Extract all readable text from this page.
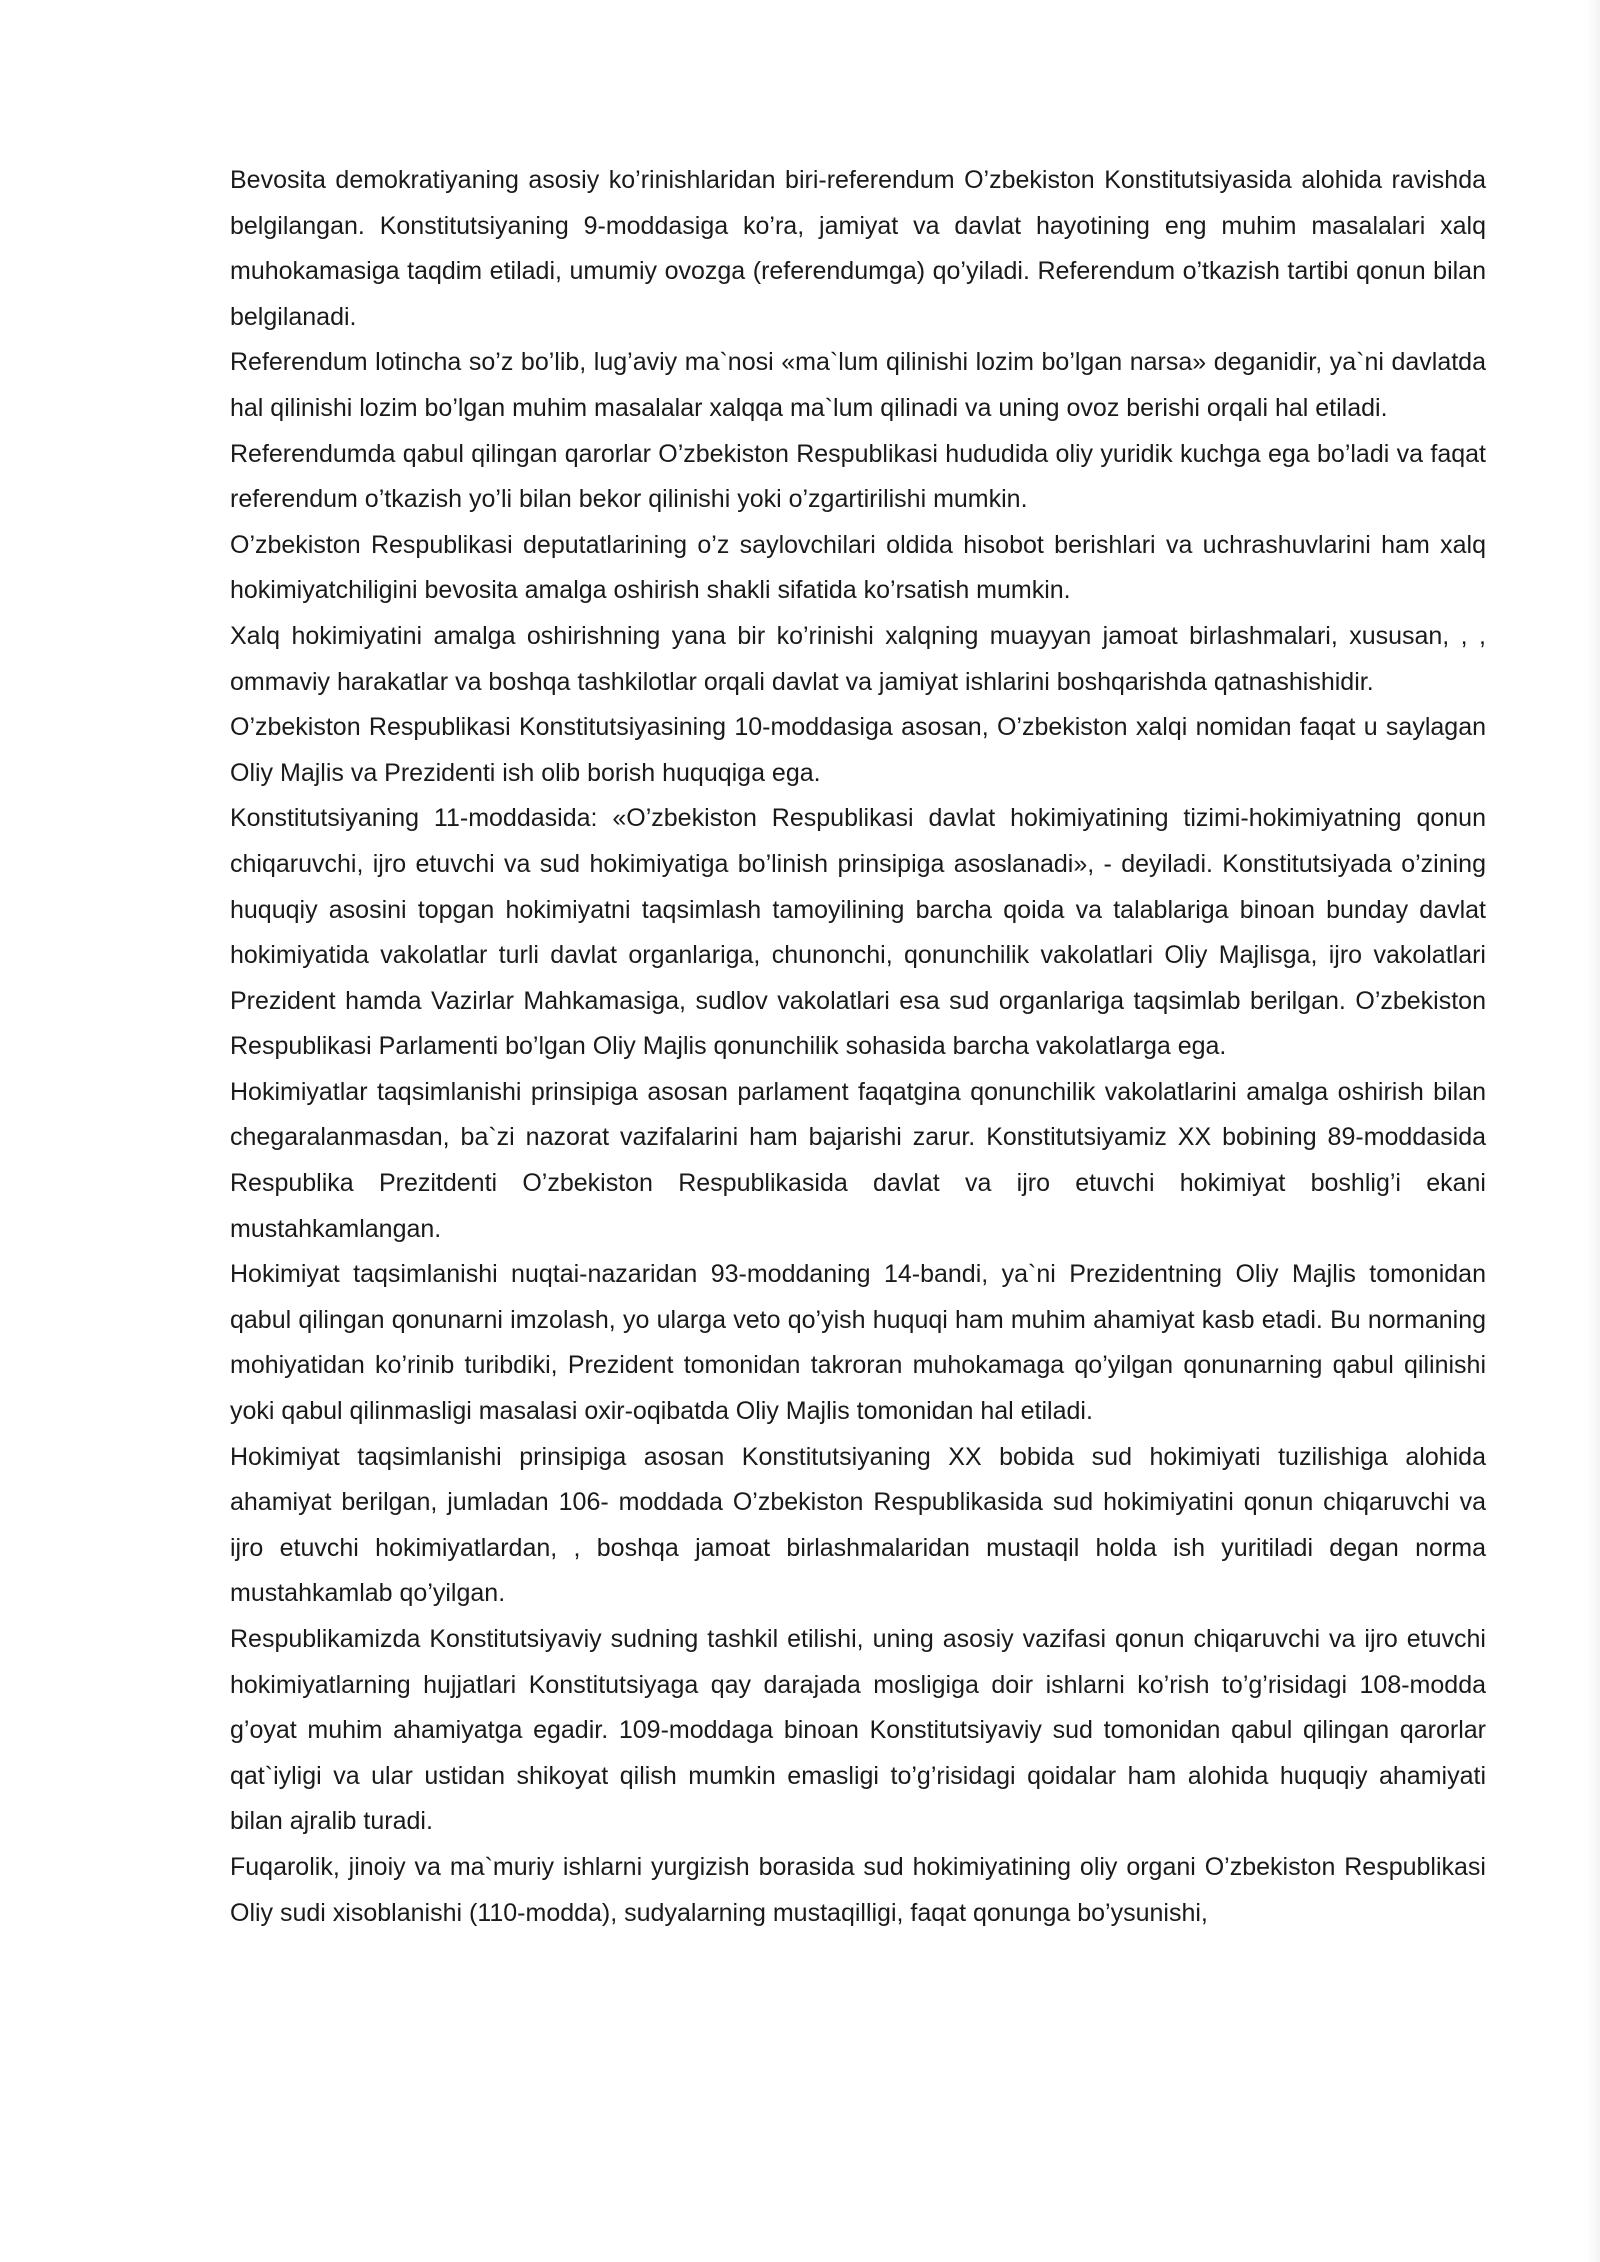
Bevosita demokratiyaning asosiy ko’rinishlaridan biri-referendum O’zbekiston Konstitutsiyasida alohida ravishda belgilangan. Konstitutsiyaning 9-moddasiga ko’ra, jamiyat va davlat hayotining eng muhim masalalari xalq muhokamasiga taqdim etiladi, umumiy ovozga (referendumga) qo’yiladi. Referendum o’tkazish tartibi qonun bilan belgilanadi.

Referendum lotincha so’z bo’lib, lug’aviy ma`nosi «ma`lum qilinishi lozim bo’lgan narsa» deganidir, ya`ni davlatda hal qilinishi lozim bo’lgan muhim masalalar xalqqa ma`lum qilinadi va uning ovoz berishi orqali hal etiladi.

Referendumda qabul qilingan qarorlar O’zbekiston Respublikasi hududida oliy yuridik kuchga ega bo’ladi va faqat referendum o’tkazish yo’li bilan bekor qilinishi yoki o’zgartirilishi mumkin.

O’zbekiston Respublikasi deputatlarining o’z saylovchilari oldida hisobot berishlari va uchrashuvlarini ham xalq hokimiyatchiligini bevosita amalga oshirish shakli sifatida ko’rsatish mumkin.

Xalq hokimiyatini amalga oshirishning yana bir ko’rinishi xalqning muayyan jamoat birlashmalari, xususan, , , ommaviy harakatlar va boshqa tashkilotlar orqali davlat va jamiyat ishlarini boshqarishda qatnashishidir.

O’zbekiston Respublikasi Konstitutsiyasining 10-moddasiga asosan, O’zbekiston xalqi nomidan faqat u saylagan Oliy Majlis va Prezidenti ish olib borish huquqiga ega.

Konstitutsiyaning 11-moddasida: «O’zbekiston Respublikasi davlat hokimiyatining tizimi-hokimiyatning qonun chiqaruvchi, ijro etuvchi va sud hokimiyatiga bo’linish prinsipiga asoslanadi», - deyiladi. Konstitutsiyada o’zining huquqiy asosini topgan hokimiyatni taqsimlash tamoyilining barcha qoida va talablariga binoan bunday davlat hokimiyatida vakolatlar turli davlat organlariga, chunonchi, qonunchilik vakolatlari Oliy Majlisga, ijro vakolatlari Prezident hamda Vazirlar Mahkamasiga, sudlov vakolatlari esa sud organlariga taqsimlab berilgan. O’zbekiston Respublikasi Parlamenti bo’lgan Oliy Majlis qonunchilik sohasida barcha vakolatlarga ega.

Hokimiyatlar taqsimlanishi prinsipiga asosan parlament faqatgina qonunchilik vakolatlarini amalga oshirish bilan chegaralanmasdan, ba`zi nazorat vazifalarini ham bajarishi zarur. Konstitutsiyamiz XX bobining 89-moddasida Respublika Prezitdenti O’zbekiston Respublikasida davlat va ijro etuvchi hokimiyat boshlig’i ekani mustahkamlangan.

Hokimiyat taqsimlanishi nuqtai-nazaridan 93-moddaning 14-bandi, ya`ni Prezidentning Oliy Majlis tomonidan qabul qilingan qonunarni imzolash, yo ularga veto qo’yish huquqi ham muhim ahamiyat kasb etadi. Bu normaning mohiyatidan ko’rinib turibdiki, Prezident tomonidan takroran muhokamaga qo’yilgan qonunarning qabul qilinishi yoki qabul qilinmasligi masalasi oxir-oqibatda Oliy Majlis tomonidan hal etiladi.

Hokimiyat taqsimlanishi prinsipiga asosan Konstitutsiyaning XX bobida sud hokimiyati tuzilishiga alohida ahamiyat berilgan, jumladan 106- moddada O’zbekiston Respublikasida sud hokimiyatini qonun chiqaruvchi va ijro etuvchi hokimiyatlardan, , boshqa jamoat birlashmalaridan mustaqil holda ish yuritiladi degan norma mustahkamlab qo’yilgan.

Respublikamizda Konstitutsiyaviy sudning tashkil etilishi, uning asosiy vazifasi qonun chiqaruvchi va ijro etuvchi hokimiyatlarning hujjatlari Konstitutsiyaga qay darajada mosligiga doir ishlarni ko’rish to’g’risidagi 108-modda g’oyat muhim ahamiyatga egadir. 109-moddaga binoan Konstitutsiyaviy sud tomonidan qabul qilingan qarorlar qat`iyligi va ular ustidan shikoyat qilish mumkin emasligi to’g’risidagi qoidalar ham alohida huquqiy ahamiyati bilan ajralib turadi.

Fuqarolik, jinoiy va ma`muriy ishlarni yurgizish borasida sud hokimiyatining oliy organi O’zbekiston Respublikasi Oliy sudi xisoblanishi (110-modda), sudyalarning mustaqilligi, faqat qonunga bo’ysunishi,
